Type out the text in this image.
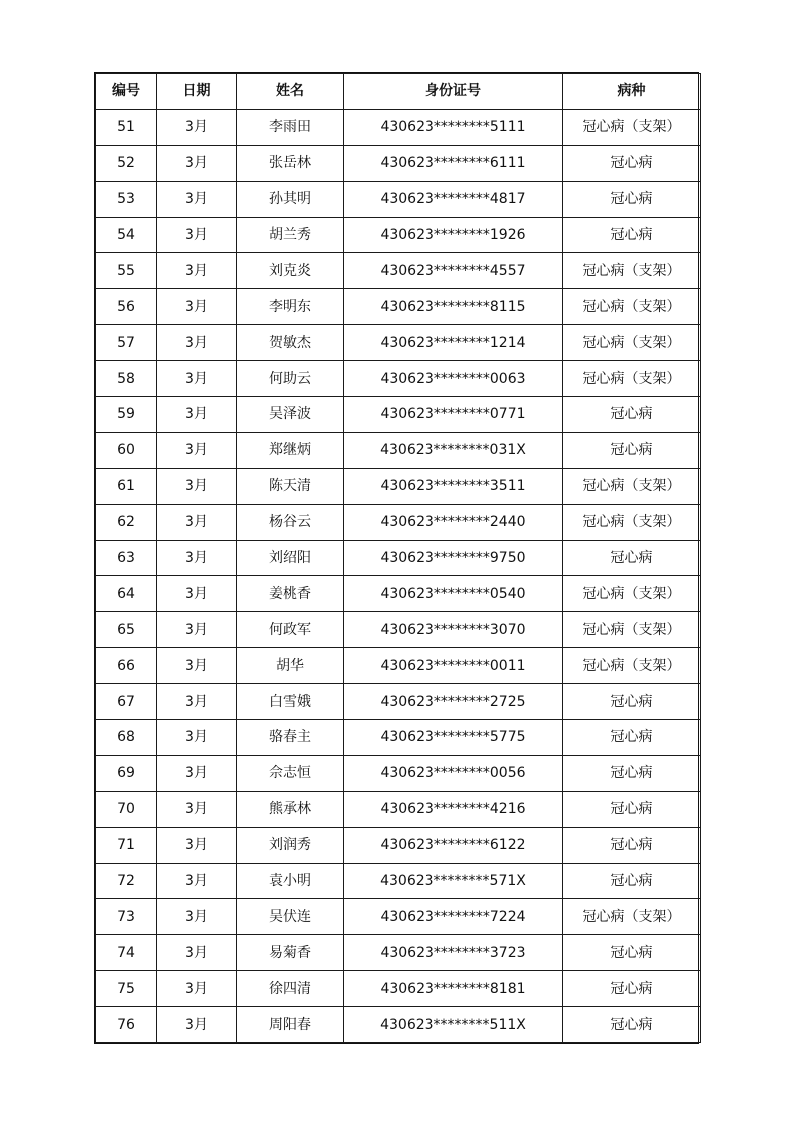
编号	日期	姓名	身份证号	病种
51	3月	李雨田	430623********5111	冠心病（支架）
52	3月	张岳林	430623********6111	冠心病
53	3月	孙其明	430623********4817	冠心病
54	3月	胡兰秀	430623********1926	冠心病
55	3月	刘克炎	430623********4557	冠心病（支架）
56	3月	李明东	430623********8115	冠心病（支架）
57	3月	贺敏杰	430623********1214	冠心病（支架）
58	3月	何助云	430623********0063	冠心病（支架）
59	3月	吴泽波	430623********0771	冠心病
60	3月	郑继炳	430623********031X	冠心病
61	3月	陈天清	430623********3511	冠心病（支架）
62	3月	杨谷云	430623********2440	冠心病（支架）
63	3月	刘绍阳	430623********9750	冠心病
64	3月	姜桃香	430623********0540	冠心病（支架）
65	3月	何政军	430623********3070	冠心病（支架）
66	3月	胡华	430623********0011	冠心病（支架）
67	3月	白雪娥	430623********2725	冠心病
68	3月	骆春主	430623********5775	冠心病
69	3月	佘志恒	430623********0056	冠心病
70	3月	熊承林	430623********4216	冠心病
71	3月	刘润秀	430623********6122	冠心病
72	3月	袁小明	430623********571X	冠心病
73	3月	吴伏连	430623********7224	冠心病（支架）
74	3月	易菊香	430623********3723	冠心病
75	3月	徐四清	430623********8181	冠心病
76	3月	周阳春	430623********511X	冠心病
